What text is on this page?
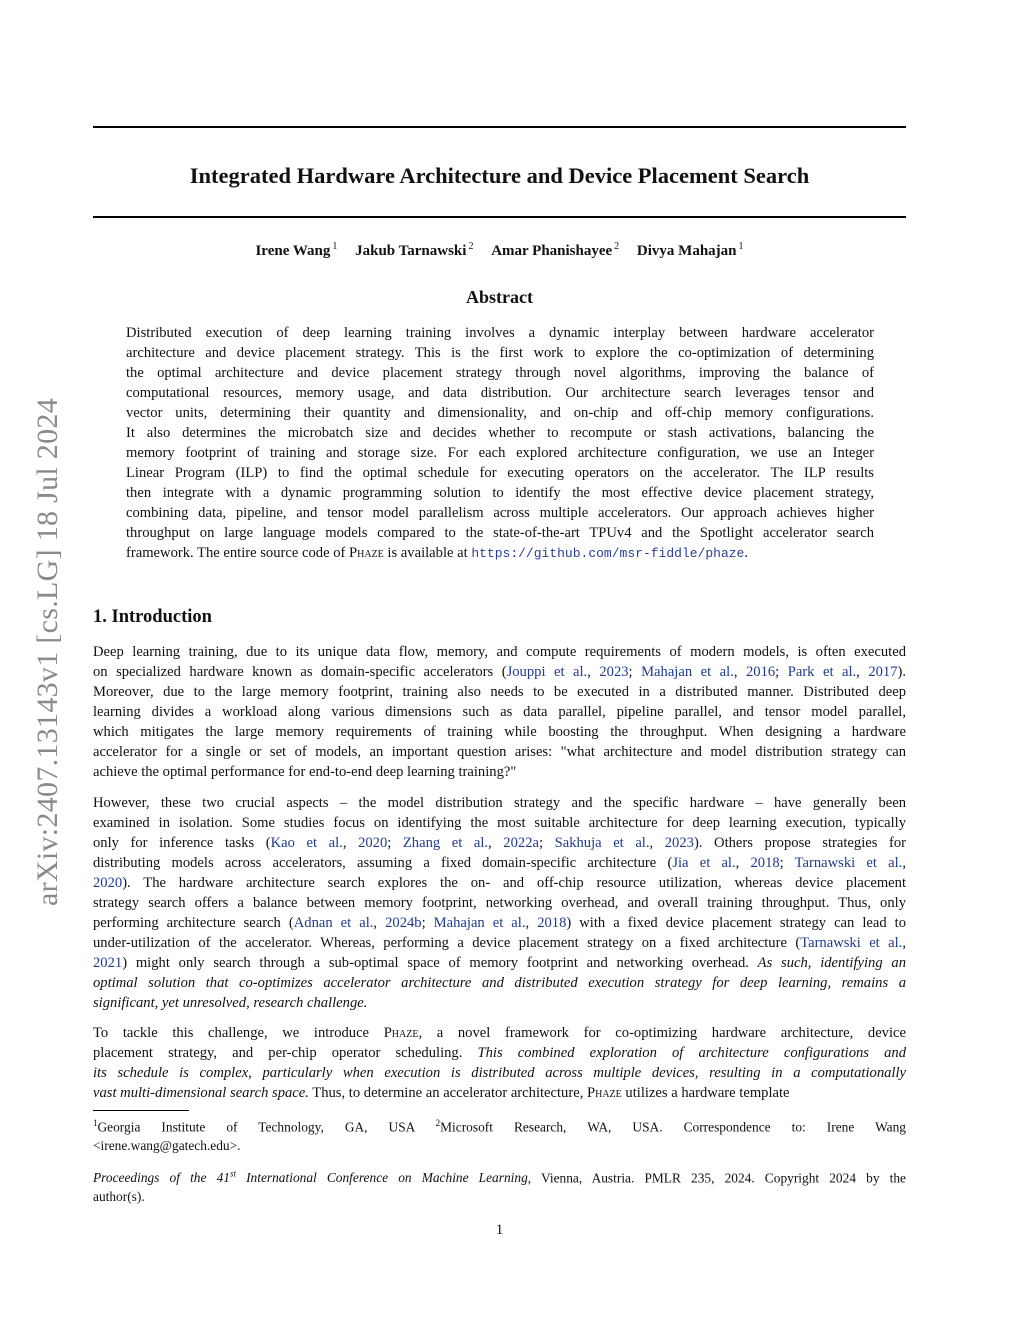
arXiv:2407.13143v1 [cs.LG] 18 Jul 2024
Integrated Hardware Architecture and Device Placement Search
Irene Wang $^1$ Jakub Tarnawski $^2$ Amar Phanishayee $^2$ Divya Mahajan $^1$
Abstract
Distributed execution of deep learning training involves a dynamic interplay between hardware accelerator
architecture and device placement strategy. This is the first work to explore the co-optimization of determining
the optimal architecture and device placement strategy through novel algorithms, improving the balance of
computational resources, memory usage, and data distribution. Our architecture search leverages tensor and
vector units, determining their quantity and dimensionality, and on-chip and off-chip memory configurations.
It also determines the microbatch size and decides whether to recompute or stash activations, balancing the
memory footprint of training and storage size. For each explored architecture configuration, we use an Integer
Linear Program (ILP) to find the optimal schedule for executing operators on the accelerator. The ILP results
then integrate with a dynamic programming solution to identify the most effective device placement strategy,
combining data, pipeline, and tensor model parallelism across multiple accelerators. Our approach achieves higher
throughput on large language models compared to the state-of-the-art TPUv4 and the Spotlight accelerator search
framework. The entire source code of Phaze is available at https://github.com/msr-fiddle/phaze.
1. Introduction
Deep learning training, due to its unique data flow, memory, and compute requirements of modern models, is often executed
on specialized hardware known as domain-specific accelerators (Jouppi et al., 2023; Mahajan et al., 2016; Park et al., 2017).
Moreover, due to the large memory footprint, training also needs to be executed in a distributed manner. Distributed deep
learning divides a workload along various dimensions such as data parallel, pipeline parallel, and tensor model parallel,
which mitigates the large memory requirements of training while boosting the throughput. When designing a hardware
accelerator for a single or set of models, an important question arises: "what architecture and model distribution strategy can
achieve the optimal performance for end-to-end deep learning training?"
However, these two crucial aspects – the model distribution strategy and the specific hardware – have generally been
examined in isolation. Some studies focus on identifying the most suitable architecture for deep learning execution, typically
only for inference tasks (Kao et al., 2020; Zhang et al., 2022a; Sakhuja et al., 2023). Others propose strategies for
distributing models across accelerators, assuming a fixed domain-specific architecture (Jia et al., 2018; Tarnawski et al.,
2020). The hardware architecture search explores the on- and off-chip resource utilization, whereas device placement
strategy search offers a balance between memory footprint, networking overhead, and overall training throughput. Thus, only
performing architecture search (Adnan et al., 2024b; Mahajan et al., 2018) with a fixed device placement strategy can lead to
under-utilization of the accelerator. Whereas, performing a device placement strategy on a fixed architecture (Tarnawski et al.,
2021) might only search through a sub-optimal space of memory footprint and networking overhead. As such, identifying an
optimal solution that co-optimizes accelerator architecture and distributed execution strategy for deep learning, remains a
significant, yet unresolved, research challenge.
To tackle this challenge, we introduce Phaze, a novel framework for co-optimizing hardware architecture, device
placement strategy, and per-chip operator scheduling. This combined exploration of architecture configurations and
its schedule is complex, particularly when execution is distributed across multiple devices, resulting in a computationally
vast multi-dimensional search space. Thus, to determine an accelerator architecture, Phaze utilizes a hardware template
$^1$Georgia Institute of Technology, GA, USA $^2$Microsoft Research, WA, USA. Correspondence to: Irene Wang
<irene.wang@gatech.edu>.
Proceedings of the 41st International Conference on Machine Learning, Vienna, Austria. PMLR 235, 2024. Copyright 2024 by the
author(s).
1
